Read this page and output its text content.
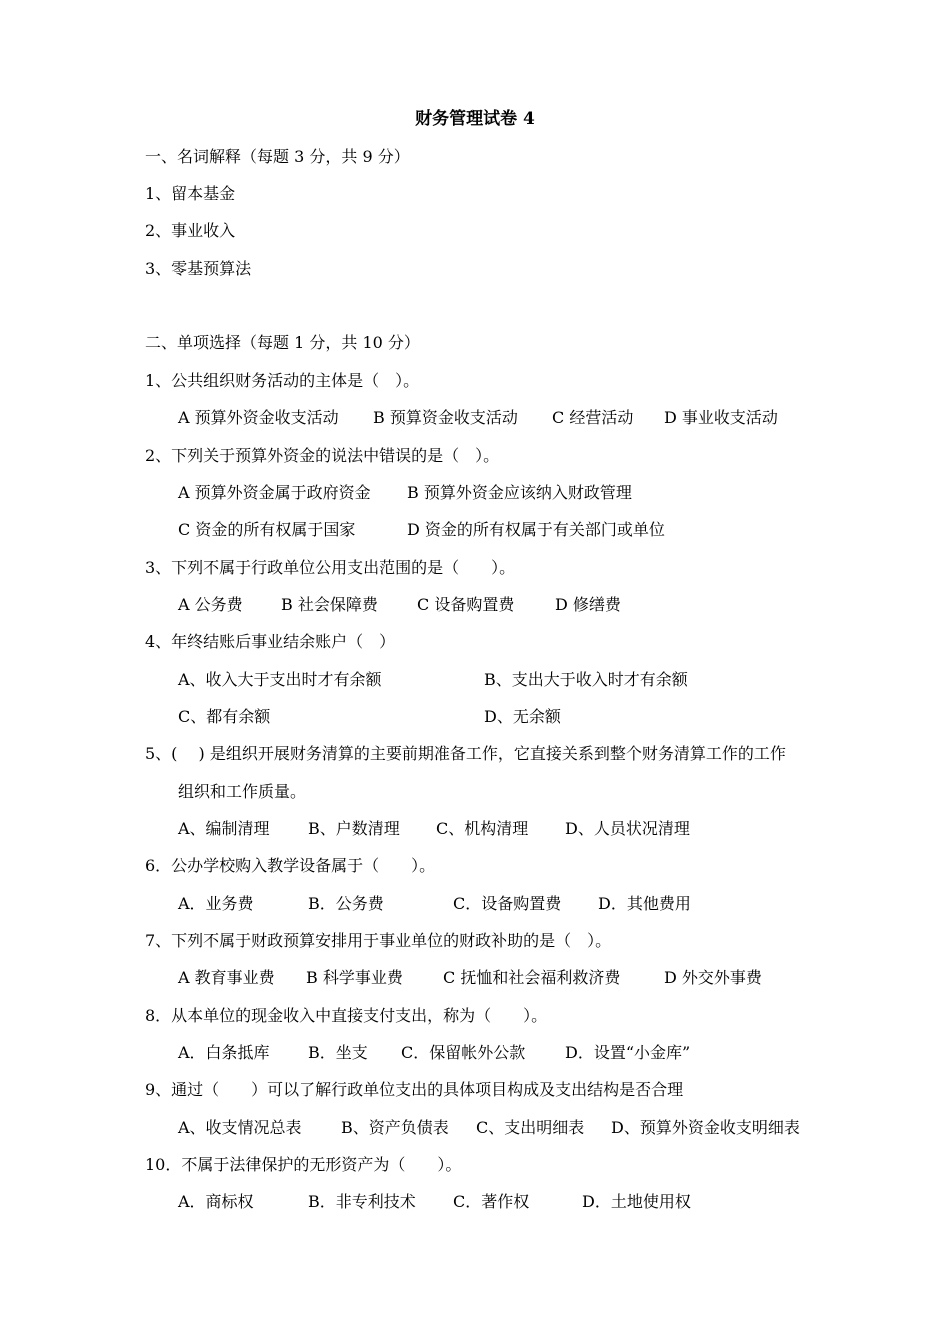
财务管理试卷 4
一、名词解释（每题 3 分，共 9 分）
1、留本基金
2、事业收入
3、零基预算法
二、单项选择（每题 1 分，共 10 分）
1、公共组织财务活动的主体是（　）。
A 预算外资金收支活动 B 预算资金收支活动 C 经营活动 D 事业收支活动
2、下列关于预算外资金的说法中错误的是（　）。
A 预算外资金属于政府资金 B 预算外资金应该纳入财政管理
C 资金的所有权属于国家	D 资金的所有权属于有关部门或单位
3、下列不属于行政单位公用支出范围的是（　　）。
A 公务费 B 社会保障费 C 设备购置费	D 修缮费
4、年终结账后事业结余账户（　）
A、收入大于支出时才有余额	B、支出大于收入时才有余额
C、都有余额	D、无余额
5、(　 ) 是组织开展财务清算的主要前期准备工作，它直接关系到整个财务清算工作的工作
组织和工作质量。
A、编制清理 B、户数清理 C、机构清理 D、人员状况清理
6．公办学校购入教学设备属于（　　）。
A．业务费	B．公务费	C．设备购置费 D．其他费用
7、下列不属于财政预算安排用于事业单位的财政补助的是（　）。
A 教育事业费 B 科学事业费	C 抚恤和社会福利救济费	D 外交外事费
8．从本单位的现金收入中直接支付支出，称为（　　）。
A．白条抵库 B．坐支 C．保留帐外公款 D．设置“小金库”
9、通过（　　）可以了解行政单位支出的具体项目构成及支出结构是否合理
A、收支情况总表 B、资产负债表 C、支出明细表 D、预算外资金收支明细表
10．不属于法律保护的无形资产为（　　）。
A．商标权	B．非专利技术 C．著作权	D．土地使用权
